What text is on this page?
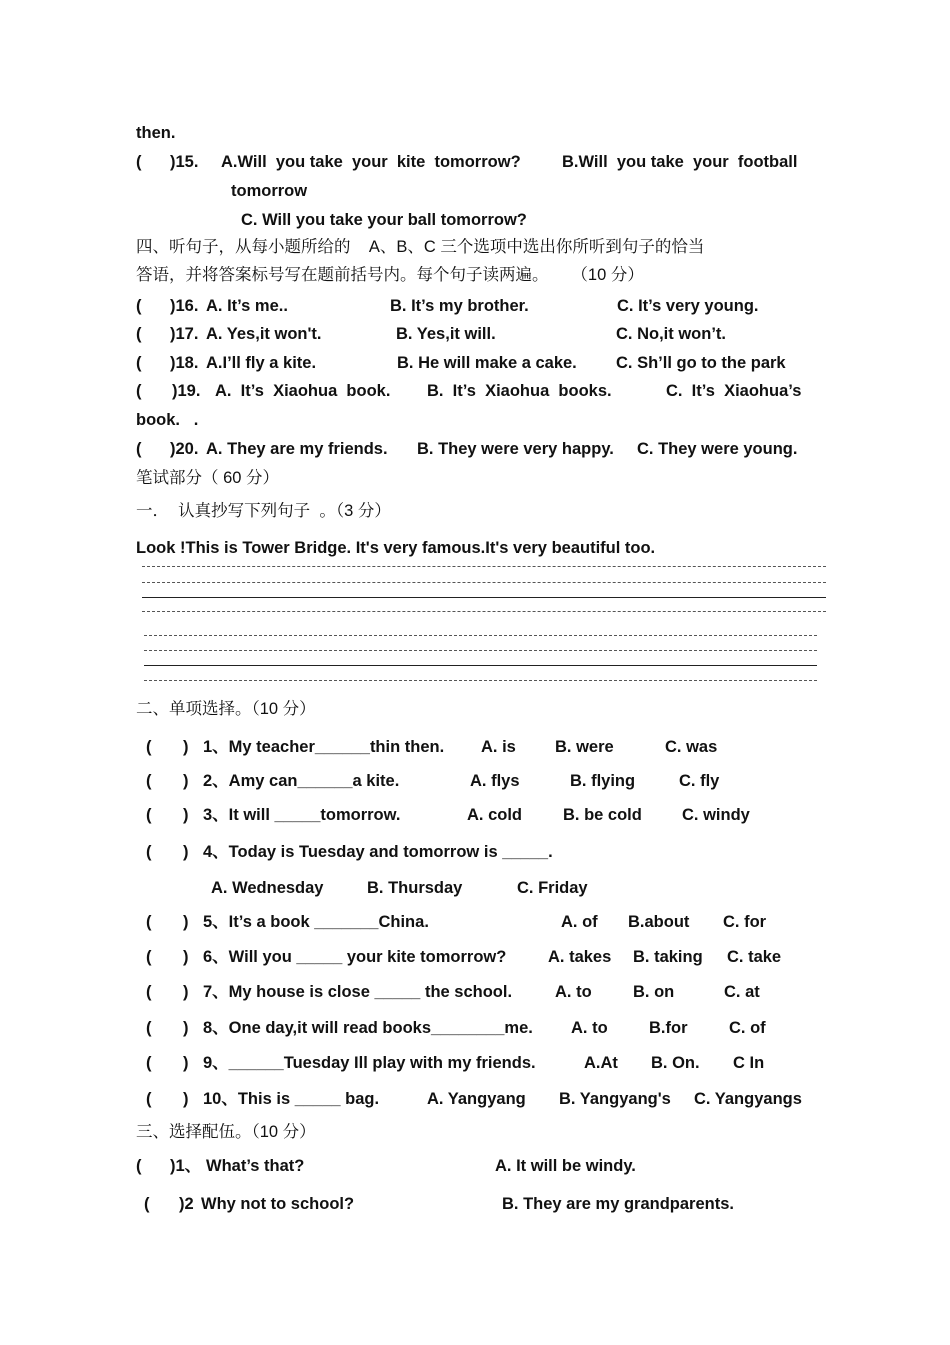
then.
( )15. A.Will  you take  your  kite  tomorrow?	B.Will  you take  your  football
tomorrow
C. Will you take your ball tomorrow?
四、听句子，从每小题所给的    A、B、C 三个选项中选出你所听到句子的恰当
答语，并将答案标号写在题前括号内。每个句子读两遍。     （10 分）
( )16. A. It’s me..	B. It’s my brother.	C. It’s very young.
( )17. A. Yes,it won't.	B. Yes,it will.	C. No,it won’t.
( )18. A.I’ll fly a kite.	B. He will make a cake. C. Sh’ll go to the park
( )19. A.  It’s  Xiaohua  book. B.  It’s  Xiaohua  books.	C.  It’s  Xiaohua’s
book.   .
( )20. A. They are my friends. B. They were very happy. C. They were young.
笔试部分（ 60 分）
一．  认真抄写下列句子  。（3 分）
Look !This is Tower Bridge. It's very famous.It's very beautiful too.
二、单项选择。（10 分）
( ) 1、My teacher______thin then. A. is B. were	C. was
( ) 2、Amy can______a kite.	A. flys	B. flying	C. fly
( ) 3、It will _____tomorrow.	A. cold B. be cold C. windy
( ) 4、Today is Tuesday and tomorrow is _____.
A. Wednesday	B. Thursday	C. Friday
( ) 5、It’s a book _______China.	A. of B.about C. for
( ) 6、Will you _____ your kite tomorrow?	A. takes B. taking C. take
( ) 7、My house is close _____ the school.	A. to	B. on	C. at
( ) 8、One day,it will read books________me. A. to	B.for	C. of
( ) 9、______Tuesday Ill play with my friends.	A.At B. On. C In
( ) 10、This is _____ bag.	A. Yangyang B. Yangyang's C. Yangyangs
三、选择配伍。（10 分）
( )1、 What’s that?	A. It will be windy.
( )2 Why not to school?	B. They are my grandparents.
